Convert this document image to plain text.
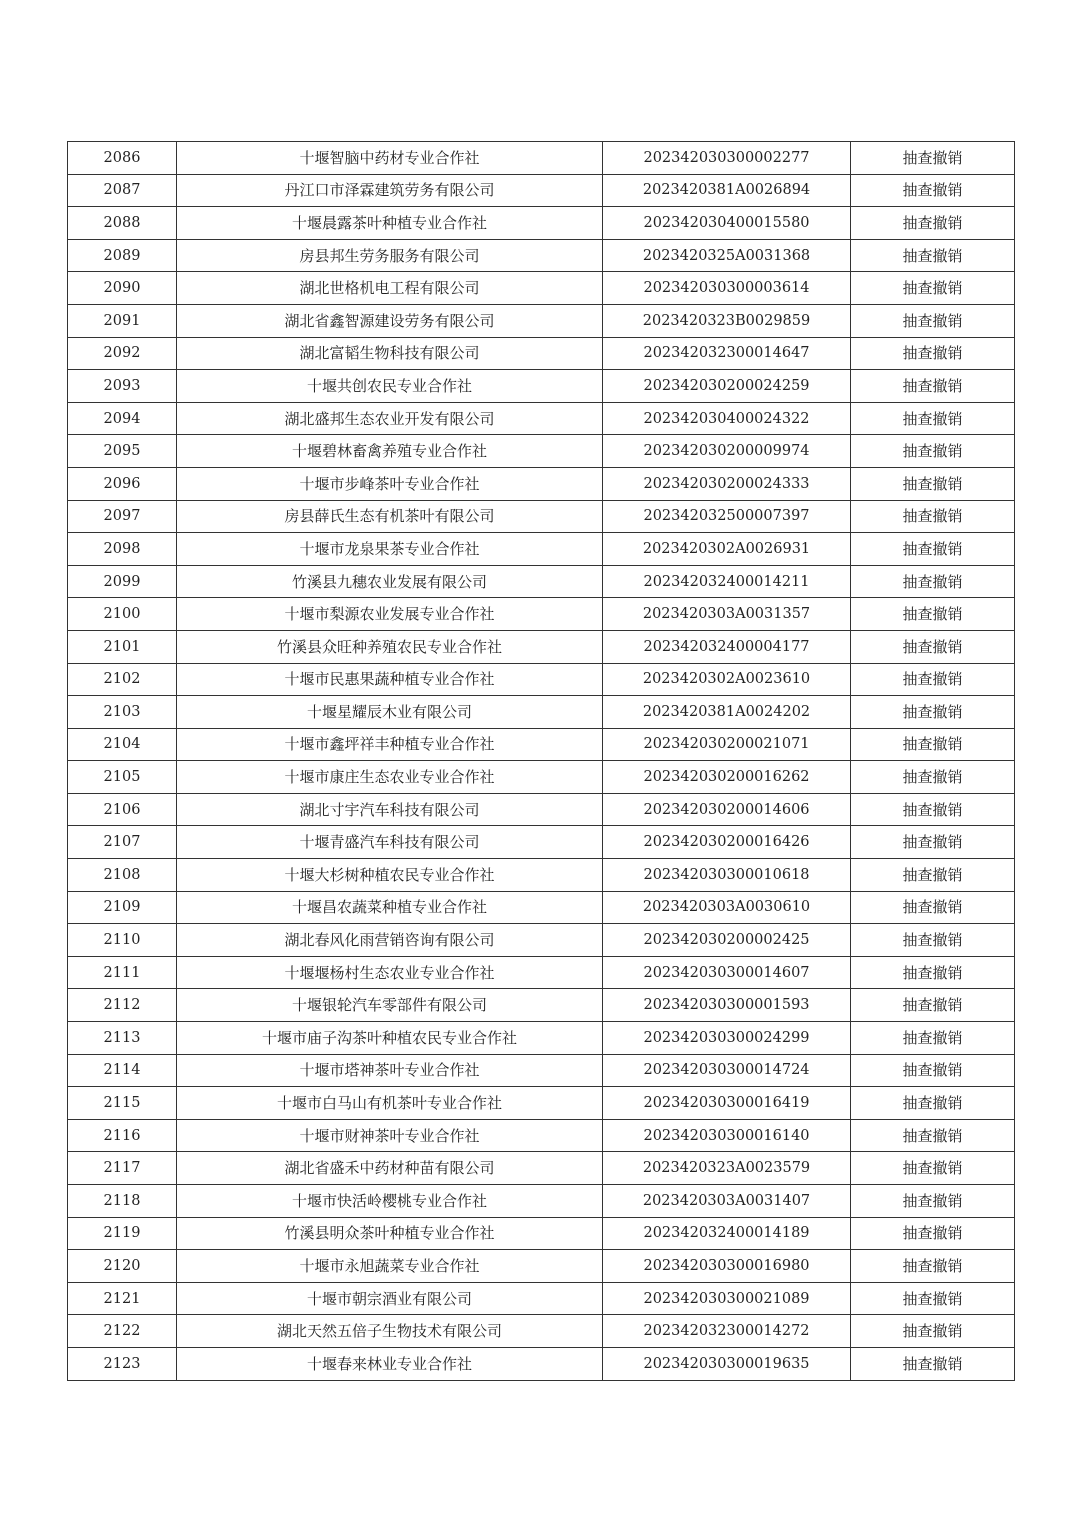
2086	十堰智脑中药材专业合作社	202342030300002277	抽查撤销
2087	丹江口市泽霖建筑劳务有限公司	2023420381A0026894	抽查撤销
2088	十堰晨露茶叶种植专业合作社	202342030400015580	抽查撤销
2089	房县邦生劳务服务有限公司	2023420325A0031368	抽查撤销
2090	湖北世格机电工程有限公司	202342030300003614	抽查撤销
2091	湖北省鑫智源建设劳务有限公司	2023420323B0029859	抽查撤销
2092	湖北富韬生物科技有限公司	202342032300014647	抽查撤销
2093	十堰共创农民专业合作社	202342030200024259	抽查撤销
2094	湖北盛邦生态农业开发有限公司	202342030400024322	抽查撤销
2095	十堰碧林畜禽养殖专业合作社	202342030200009974	抽查撤销
2096	十堰市步峰茶叶专业合作社	202342030200024333	抽查撤销
2097	房县薛氏生态有机茶叶有限公司	202342032500007397	抽查撤销
2098	十堰市龙泉果茶专业合作社	2023420302A0026931	抽查撤销
2099	竹溪县九穗农业发展有限公司	202342032400014211	抽查撤销
2100	十堰市梨源农业发展专业合作社	2023420303A0031357	抽查撤销
2101	竹溪县众旺种养殖农民专业合作社	202342032400004177	抽查撤销
2102	十堰市民惠果蔬种植专业合作社	2023420302A0023610	抽查撤销
2103	十堰星耀辰木业有限公司	2023420381A0024202	抽查撤销
2104	十堰市鑫坪祥丰种植专业合作社	202342030200021071	抽查撤销
2105	十堰市康庄生态农业专业合作社	202342030200016262	抽查撤销
2106	湖北寸宇汽车科技有限公司	202342030200014606	抽查撤销
2107	十堰青盛汽车科技有限公司	202342030200016426	抽查撤销
2108	十堰大杉树种植农民专业合作社	202342030300010618	抽查撤销
2109	十堰昌农蔬菜种植专业合作社	2023420303A0030610	抽查撤销
2110	湖北春风化雨营销咨询有限公司	202342030200002425	抽查撤销
2111	十堰堰杨村生态农业专业合作社	202342030300014607	抽查撤销
2112	十堰银轮汽车零部件有限公司	202342030300001593	抽查撤销
2113	十堰市庙子沟茶叶种植农民专业合作社	202342030300024299	抽查撤销
2114	十堰市塔神茶叶专业合作社	202342030300014724	抽查撤销
2115	十堰市白马山有机茶叶专业合作社	202342030300016419	抽查撤销
2116	十堰市财神茶叶专业合作社	202342030300016140	抽查撤销
2117	湖北省盛禾中药材种苗有限公司	2023420323A0023579	抽查撤销
2118	十堰市快活岭樱桃专业合作社	2023420303A0031407	抽查撤销
2119	竹溪县明众茶叶种植专业合作社	202342032400014189	抽查撤销
2120	十堰市永旭蔬菜专业合作社	202342030300016980	抽查撤销
2121	十堰市朝宗酒业有限公司	202342030300021089	抽查撤销
2122	湖北天然五倍子生物技术有限公司	202342032300014272	抽查撤销
2123	十堰春来林业专业合作社	202342030300019635	抽查撤销
